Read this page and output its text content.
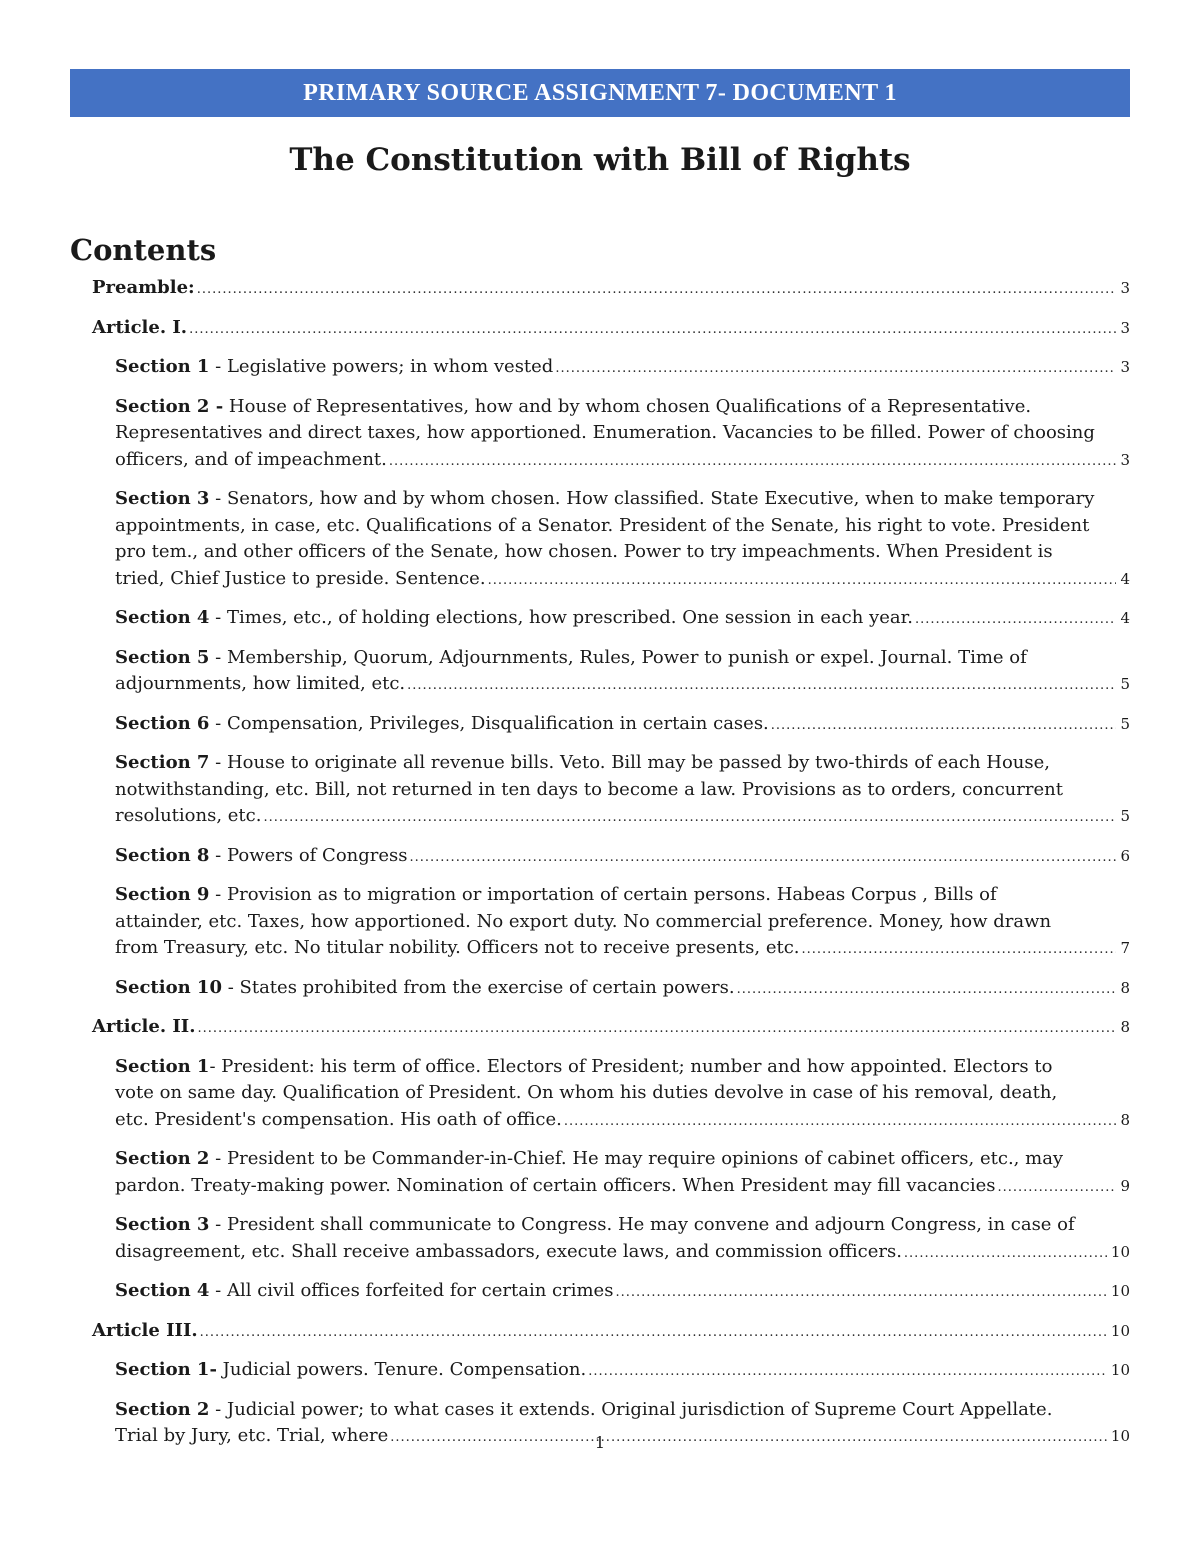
PRIMARY SOURCE ASSIGNMENT 7- DOCUMENT 1
The Constitution with Bill of Rights
Contents
Preamble: .....	3
Article. I. .....	3
Section 1 - Legislative powers; in whom vested .....	3
Section 2 - House of Representatives, how and by whom chosen Qualifications of a Representative.
Representatives and direct taxes, how apportioned. Enumeration. Vacancies to be filled. Power of choosing
officers, and of impeachment. .....	3
Section 3 - Senators, how and by whom chosen. How classified. State Executive, when to make temporary
appointments, in case, etc. Qualifications of a Senator. President of the Senate, his right to vote. President
pro tem., and other officers of the Senate, how chosen. Power to try impeachments. When President is
tried, Chief Justice to preside. Sentence. .....	4
Section 4 - Times, etc., of holding elections, how prescribed. One session in each year. .....	4
Section 5 - Membership, Quorum, Adjournments, Rules, Power to punish or expel. Journal. Time of
adjournments, how limited, etc. .....	5
Section 6 - Compensation, Privileges, Disqualification in certain cases. .....	5
Section 7 - House to originate all revenue bills. Veto. Bill may be passed by two-thirds of each House,
notwithstanding, etc. Bill, not returned in ten days to become a law. Provisions as to orders, concurrent
resolutions, etc. .....	5
Section 8 - Powers of Congress .....	6
Section 9 - Provision as to migration or importation of certain persons. Habeas Corpus , Bills of
attainder, etc. Taxes, how apportioned. No export duty. No commercial preference. Money, how drawn
from Treasury, etc. No titular nobility. Officers not to receive presents, etc. .....	7
Section 10 - States prohibited from the exercise of certain powers. .....	8
Article. II. .....	8
Section 1- President: his term of office. Electors of President; number and how appointed. Electors to
vote on same day. Qualification of President. On whom his duties devolve in case of his removal, death,
etc. President's compensation. His oath of office. .....	8
Section 2 - President to be Commander-in-Chief. He may require opinions of cabinet officers, etc., may
pardon. Treaty-making power. Nomination of certain officers. When President may fill vacancies .....	9
Section 3 - President shall communicate to Congress. He may convene and adjourn Congress, in case of
disagreement, etc. Shall receive ambassadors, execute laws, and commission officers. .....	10
Section 4 - All civil offices forfeited for certain crimes .....	10
Article III. .....	10
Section 1- Judicial powers. Tenure. Compensation. .....	10
Section 2 - Judicial power; to what cases it extends. Original jurisdiction of Supreme Court Appellate.
Trial by Jury, etc. Trial, where .....	10
1
